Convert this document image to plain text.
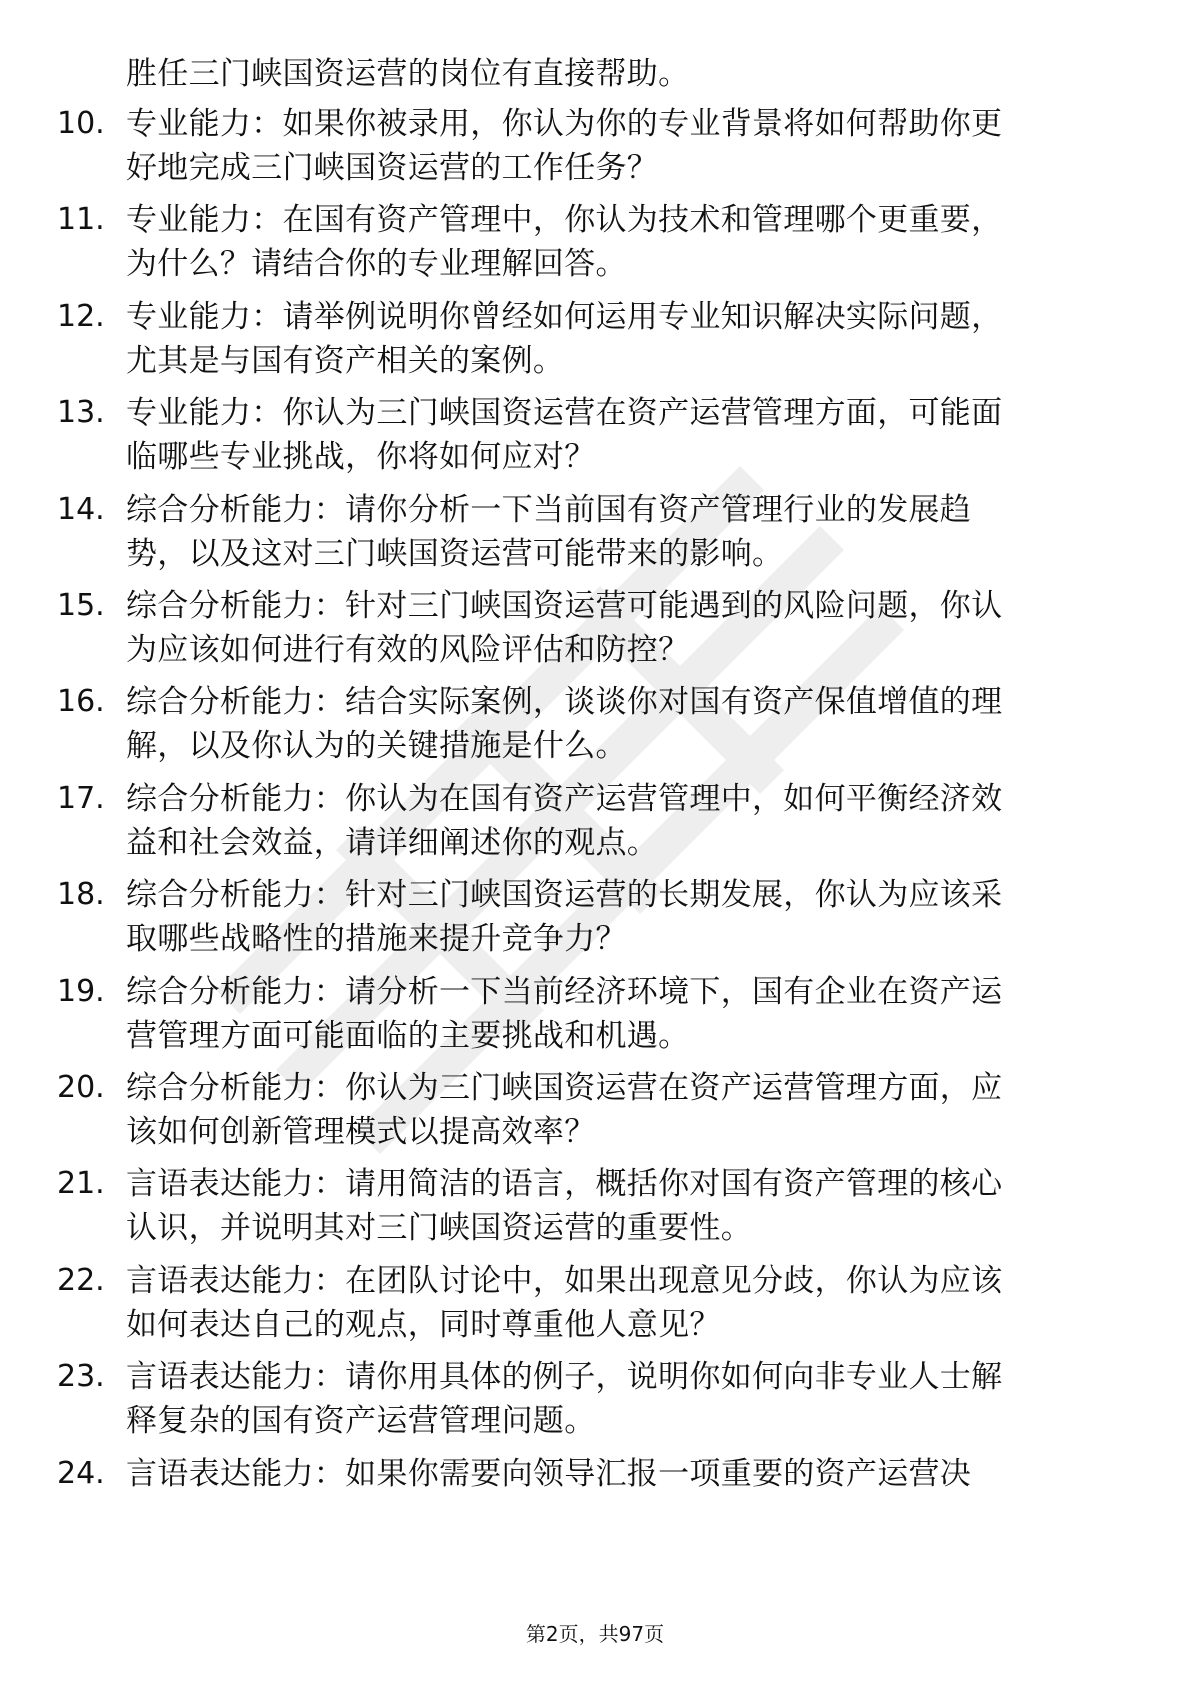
胜任三门峡国资运营的岗位有直接帮助。
10. 专业能力：如果你被录用，你认为你的专业背景将如何帮助你更
好地完成三门峡国资运营的工作任务？
11. 专业能力：在国有资产管理中，你认为技术和管理哪个更重要，
为什么？请结合你的专业理解回答。
12. 专业能力：请举例说明你曾经如何运用专业知识解决实际问题，
尤其是与国有资产相关的案例。
13. 专业能力：你认为三门峡国资运营在资产运营管理方面，可能面
临哪些专业挑战，你将如何应对？
14. 综合分析能力：请你分析一下当前国有资产管理行业的发展趋
势，以及这对三门峡国资运营可能带来的影响。
15. 综合分析能力：针对三门峡国资运营可能遇到的风险问题，你认
为应该如何进行有效的风险评估和防控？
16. 综合分析能力：结合实际案例，谈谈你对国有资产保值增值的理
解，以及你认为的关键措施是什么。
17. 综合分析能力：你认为在国有资产运营管理中，如何平衡经济效
益和社会效益，请详细阐述你的观点。
18. 综合分析能力：针对三门峡国资运营的长期发展，你认为应该采
取哪些战略性的措施来提升竞争力？
19. 综合分析能力：请分析一下当前经济环境下，国有企业在资产运
营管理方面可能面临的主要挑战和机遇。
20. 综合分析能力：你认为三门峡国资运营在资产运营管理方面，应
该如何创新管理模式以提高效率？
21. 言语表达能力：请用简洁的语言，概括你对国有资产管理的核心
认识，并说明其对三门峡国资运营的重要性。
22. 言语表达能力：在团队讨论中，如果出现意见分歧，你认为应该
如何表达自己的观点，同时尊重他人意见？
23. 言语表达能力：请你用具体的例子，说明你如何向非专业人士解
释复杂的国有资产运营管理问题。
24. 言语表达能力：如果你需要向领导汇报一项重要的资产运营决
第2页，共97页
